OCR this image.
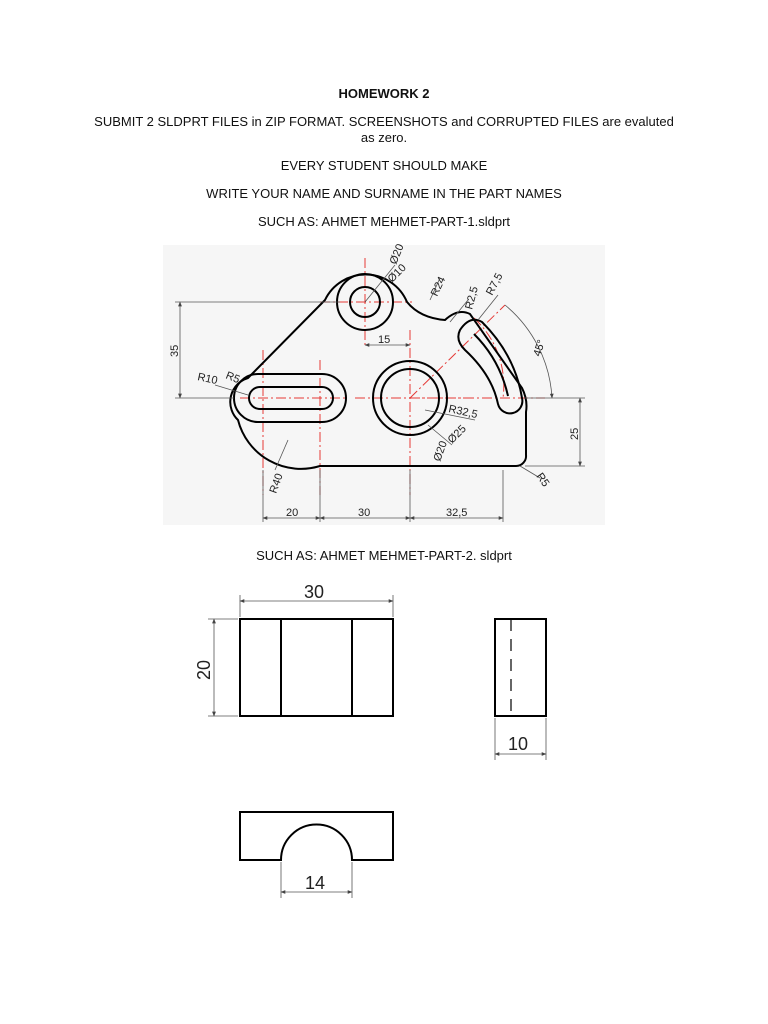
HOMEWORK 2
SUBMIT 2 SLDPRT FILES in ZIP FORMAT. SCREENSHOTS and CORRUPTED FILES are evaluted as zero.
EVERY STUDENT SHOULD MAKE
WRITE YOUR NAME AND SURNAME IN THE PART NAMES
SUCH AS: AHMET MEHMET-PART-1.sldprt
Ø20
Ø10
R24 R2,5
R7,5
45°
35
15
R10 R5
R32,5
Ø25
Ø20
25
R40	R5
20	30	32,5
30
20
10
14
SUCH AS: AHMET MEHMET-PART-2. sldprt
